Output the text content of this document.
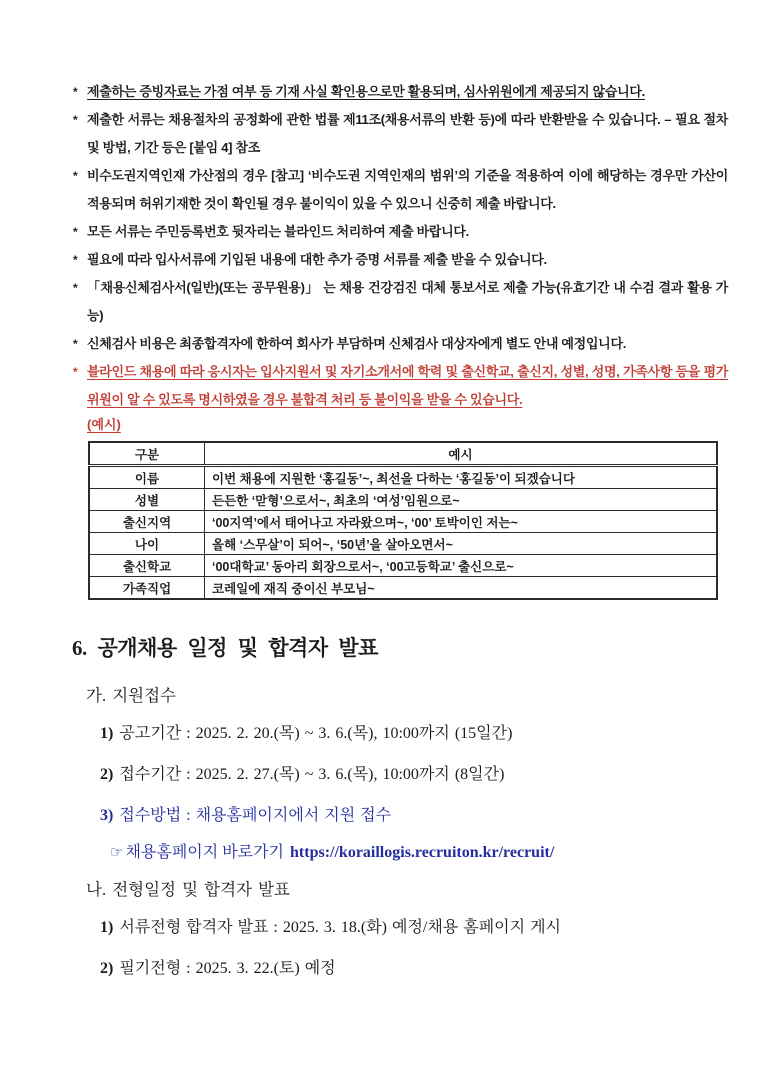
* 제출하는 증빙자료는 가점 여부 등 기재 사실 확인용으로만 활용되며, 심사위원에게 제공되지 않습니다.
* 제출한 서류는 채용절차의 공정화에 관한 법률 제11조(채용서류의 반환 등)에 따라 반환받을 수 있습니다. – 필요 절차 및 방법, 기간 등은 [붙임 4] 참조
* 비수도권지역인재 가산점의 경우 [참고] ‘비수도권 지역인재의 범위’의 기준을 적용하여 이에 해당하는 경우만 가산이 적용되며 허위기재한 것이 확인될 경우 불이익이 있을 수 있으니 신중히 제출 바랍니다.
* 모든 서류는 주민등록번호 뒷자리는 블라인드 처리하여 제출 바랍니다.
* 필요에 따라 입사서류에 기입된 내용에 대한 추가 증명 서류를 제출 받을 수 있습니다.
* 「채용신체검사서(일반)(또는 공무원용)」 는 채용 건강검진 대체 통보서로 제출 가능(유효기간 내 수검 결과 활용 가능)
* 신체검사 비용은 최종합격자에 한하여 회사가 부담하며 신체검사 대상자에게 별도 안내 예정입니다.
* 블라인드 채용에 따라 응시자는 입사지원서 및 자기소개서에 학력 및 출신학교, 출신지, 성별, 성명, 가족사항 등을 평가 위원이 알 수 있도록 명시하였을 경우 불합격 처리 등 불이익을 받을 수 있습니다.
(예시)
구분	예시
이름	이번 채용에 지원한 ‘홍길동’~, 최선을 다하는 ‘홍길동’이 되겠습니다
성별	든든한 ‘맏형’으로서~, 최초의 ‘여성’임원으로~
출신지역	‘00지역’에서 태어나고 자라왔으며~, ‘00’ 토박이인 저는~
나이	올해 ‘스무살’이 되어~, ‘50년’을 살아오면서~
출신학교	‘00대학교’ 동아리 회장으로서~, ‘00고등학교’ 출신으로~
가족직업	코레일에 재직 중이신 부모님~
6. 공개채용 일정 및 합격자 발표
가. 지원접수
1) 공고기간 : 2025. 2. 20.(목) ~ 3. 6.(목), 10:00까지 (15일간)
2) 접수기간 : 2025. 2. 27.(목) ~ 3. 6.(목), 10:00까지 (8일간)
3) 접수방법 : 채용홈페이지에서 지원 접수
☞ 채용홈페이지 바로가기 https://koraillogis.recruiton.kr/recruit/
나. 전형일정 및 합격자 발표
1) 서류전형 합격자 발표 : 2025. 3. 18.(화) 예정/채용 홈페이지 게시
2) 필기전형 : 2025. 3. 22.(토) 예정
